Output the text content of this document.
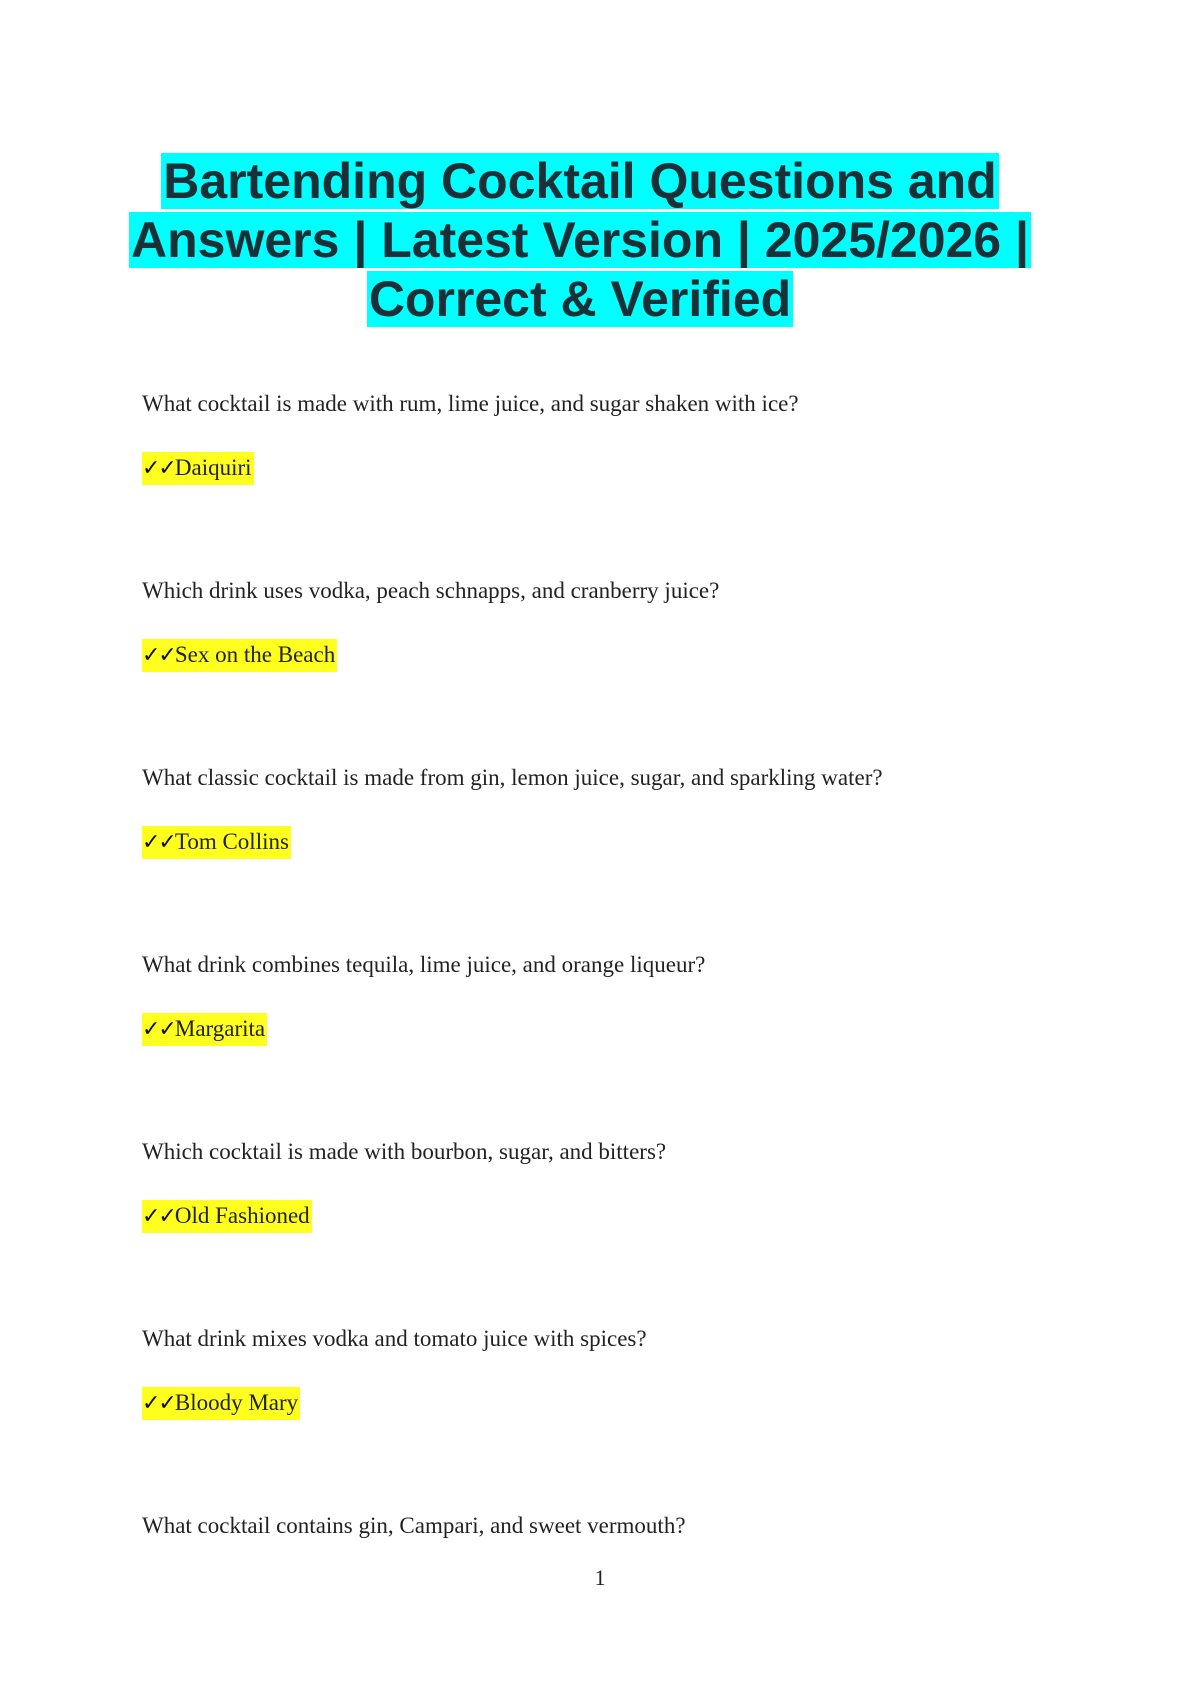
Bartending Cocktail Questions and
Answers | Latest Version | 2025/2026 |
Correct & Verified
What cocktail is made with rum, lime juice, and sugar shaken with ice?
✓✓Daiquiri
Which drink uses vodka, peach schnapps, and cranberry juice?
✓✓Sex on the Beach
What classic cocktail is made from gin, lemon juice, sugar, and sparkling water?
✓✓Tom Collins
What drink combines tequila, lime juice, and orange liqueur?
✓✓Margarita
Which cocktail is made with bourbon, sugar, and bitters?
✓✓Old Fashioned
What drink mixes vodka and tomato juice with spices?
✓✓Bloody Mary
What cocktail contains gin, Campari, and sweet vermouth?
1
